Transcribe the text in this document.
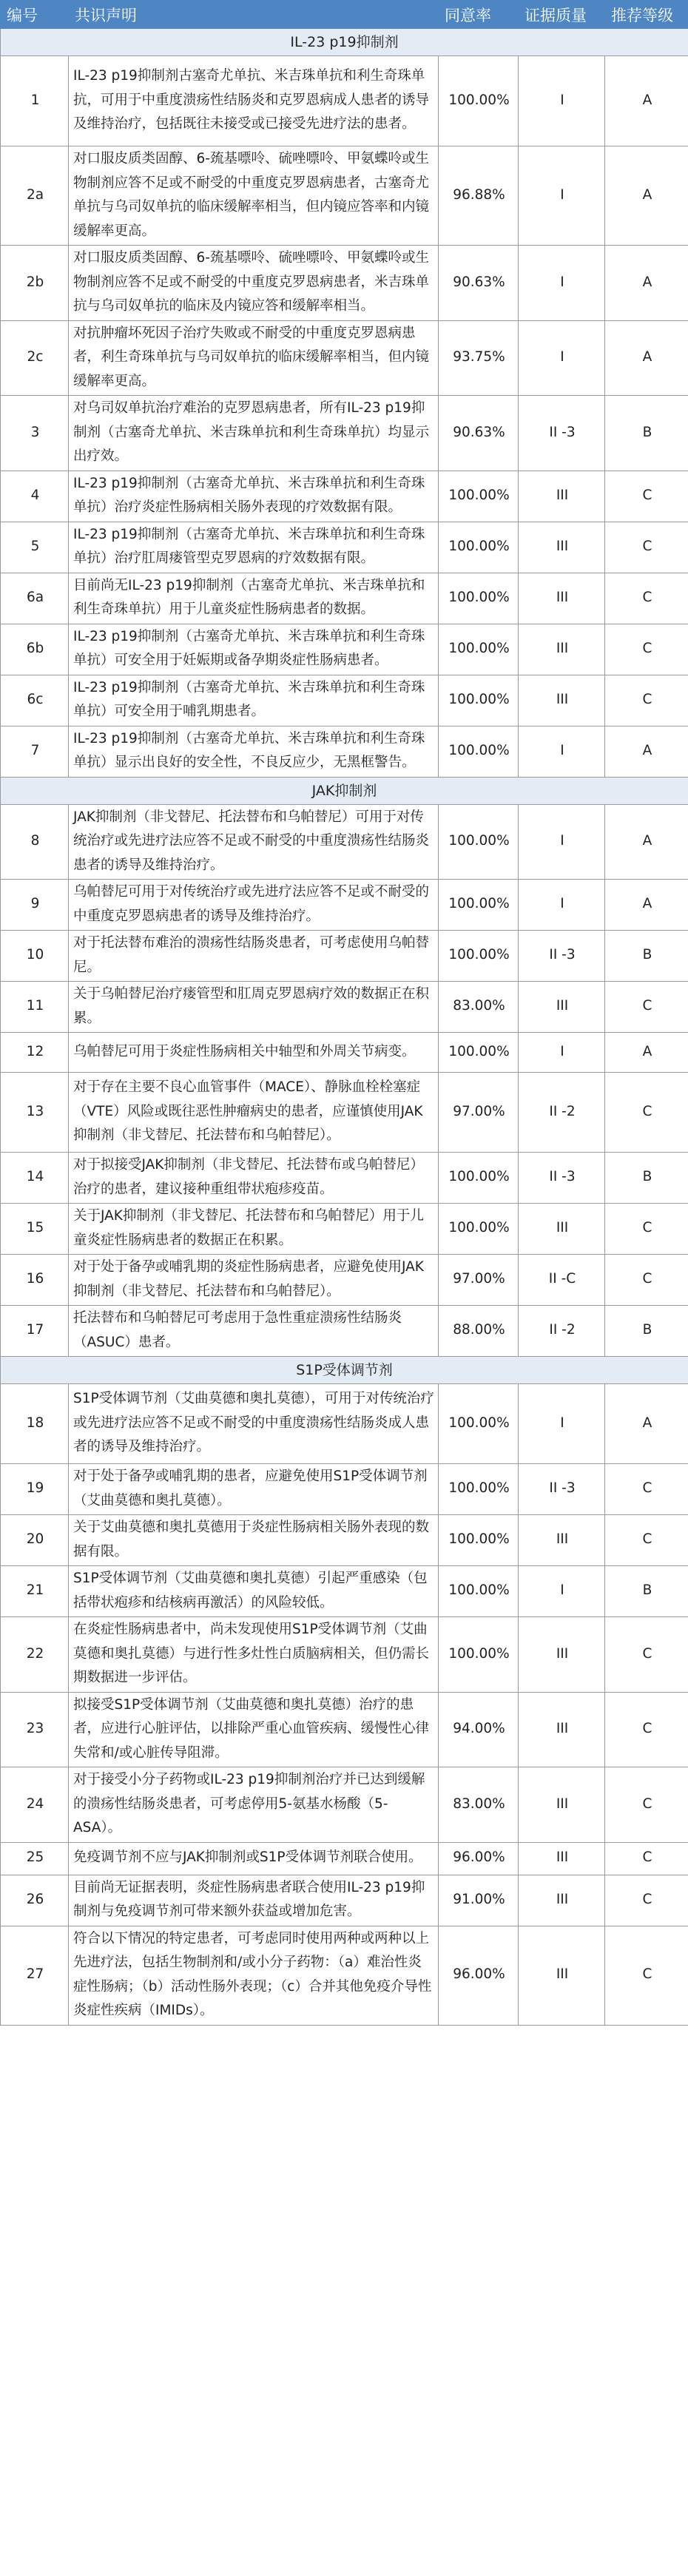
编号	共识声明	同意率	证据质量	推荐等级
IL-23 p19抑制剂				
1	IL-23 p19抑制剂古塞奇尤单抗、米吉珠单抗和利生奇珠单抗，可用于中重度溃疡性结肠炎和克罗恩病成人患者的诱导及维持治疗，包括既往未接受或已接受先进疗法的患者。	100.00%	I	A
2a	对口服皮质类固醇、6-巯基嘌呤、硫唑嘌呤、甲氨蝶呤或生物制剂应答不足或不耐受的中重度克罗恩病患者，古塞奇尤单抗与乌司奴单抗的临床缓解率相当，但内镜应答率和内镜缓解率更高。	96.88%	I	A
2b	对口服皮质类固醇、6-巯基嘌呤、硫唑嘌呤、甲氨蝶呤或生物制剂应答不足或不耐受的中重度克罗恩病患者，米吉珠单抗与乌司奴单抗的临床及内镜应答和缓解率相当。	90.63%	I	A
2c	对抗肿瘤坏死因子治疗失败或不耐受的中重度克罗恩病患者，利生奇珠单抗与乌司奴单抗的临床缓解率相当，但内镜缓解率更高。	93.75%	I	A
3	对乌司奴单抗治疗难治的克罗恩病患者，所有IL-23 p19抑制剂（古塞奇尤单抗、米吉珠单抗和利生奇珠单抗）均显示出疗效。	90.63%	II -3	B
4	IL-23 p19抑制剂（古塞奇尤单抗、米吉珠单抗和利生奇珠单抗）治疗炎症性肠病相关肠外表现的疗效数据有限。	100.00%	III	C
5	IL-23 p19抑制剂（古塞奇尤单抗、米吉珠单抗和利生奇珠单抗）治疗肛周瘘管型克罗恩病的疗效数据有限。	100.00%	III	C
6a	目前尚无IL-23 p19抑制剂（古塞奇尤单抗、米吉珠单抗和利生奇珠单抗）用于儿童炎症性肠病患者的数据。	100.00%	III	C
6b	IL-23 p19抑制剂（古塞奇尤单抗、米吉珠单抗和利生奇珠单抗）可安全用于妊娠期或备孕期炎症性肠病患者。	100.00%	III	C
6c	IL-23 p19抑制剂（古塞奇尤单抗、米吉珠单抗和利生奇珠单抗）可安全用于哺乳期患者。	100.00%	III	C
7	IL-23 p19抑制剂（古塞奇尤单抗、米吉珠单抗和利生奇珠单抗）显示出良好的安全性，不良反应少，无黑框警告。	100.00%	I	A
JAK抑制剂				
8	JAK抑制剂（非戈替尼、托法替布和乌帕替尼）可用于对传统治疗或先进疗法应答不足或不耐受的中重度溃疡性结肠炎患者的诱导及维持治疗。	100.00%	I	A
9	乌帕替尼可用于对传统治疗或先进疗法应答不足或不耐受的中重度克罗恩病患者的诱导及维持治疗。	100.00%	I	A
10	对于托法替布难治的溃疡性结肠炎患者，可考虑使用乌帕替尼。	100.00%	II -3	B
11	关于乌帕替尼治疗瘘管型和肛周克罗恩病疗效的数据正在积累。	83.00%	III	C
12	乌帕替尼可用于炎症性肠病相关中轴型和外周关节病变。	100.00%	I	A
13	对于存在主要不良心血管事件（MACE）、静脉血栓栓塞症（VTE）风险或既往恶性肿瘤病史的患者，应谨慎使用JAK抑制剂（非戈替尼、托法替布和乌帕替尼）。	97.00%	II -2	C
14	对于拟接受JAK抑制剂（非戈替尼、托法替布或乌帕替尼）治疗的患者，建议接种重组带状疱疹疫苗。	100.00%	II -3	B
15	关于JAK抑制剂（非戈替尼、托法替布和乌帕替尼）用于儿童炎症性肠病患者的数据正在积累。	100.00%	III	C
16	对于处于备孕或哺乳期的炎症性肠病患者，应避免使用JAK抑制剂（非戈替尼、托法替布和乌帕替尼）。	97.00%	II -C	C
17	托法替布和乌帕替尼可考虑用于急性重症溃疡性结肠炎（ASUC）患者。	88.00%	II -2	B
S1P受体调节剂				
18	S1P受体调节剂（艾曲莫德和奥扎莫德），可用于对传统治疗或先进疗法应答不足或不耐受的中重度溃疡性结肠炎成人患者的诱导及维持治疗。	100.00%	I	A
19	对于处于备孕或哺乳期的患者，应避免使用S1P受体调节剂（艾曲莫德和奥扎莫德）。	100.00%	II -3	C
20	关于艾曲莫德和奥扎莫德用于炎症性肠病相关肠外表现的数据有限。	100.00%	III	C
21	S1P受体调节剂（艾曲莫德和奥扎莫德）引起严重感染（包括带状疱疹和结核病再激活）的风险较低。	100.00%	I	B
22	在炎症性肠病患者中，尚未发现使用S1P受体调节剂（艾曲莫德和奥扎莫德）与进行性多灶性白质脑病相关，但仍需长期数据进一步评估。	100.00%	III	C
23	拟接受S1P受体调节剂（艾曲莫德和奥扎莫德）治疗的患者，应进行心脏评估，以排除严重心血管疾病、缓慢性心律失常和/或心脏传导阻滞。	94.00%	III	C
24	对于接受小分子药物或IL-23 p19抑制剂治疗并已达到缓解的溃疡性结肠炎患者，可考虑停用5-氨基水杨酸（5-ASA）。	83.00%	III	C
25	免疫调节剂不应与JAK抑制剂或S1P受体调节剂联合使用。	96.00%	III	C
26	目前尚无证据表明，炎症性肠病患者联合使用IL-23 p19抑制剂与免疫调节剂可带来额外获益或增加危害。	91.00%	III	C
27	符合以下情况的特定患者，可考虑同时使用两种或两种以上先进疗法，包括生物制剂和/或小分子药物：（a）难治性炎症性肠病；（b）活动性肠外表现；（c）合并其他免疫介导性炎症性疾病（IMIDs）。	96.00%	III	C
